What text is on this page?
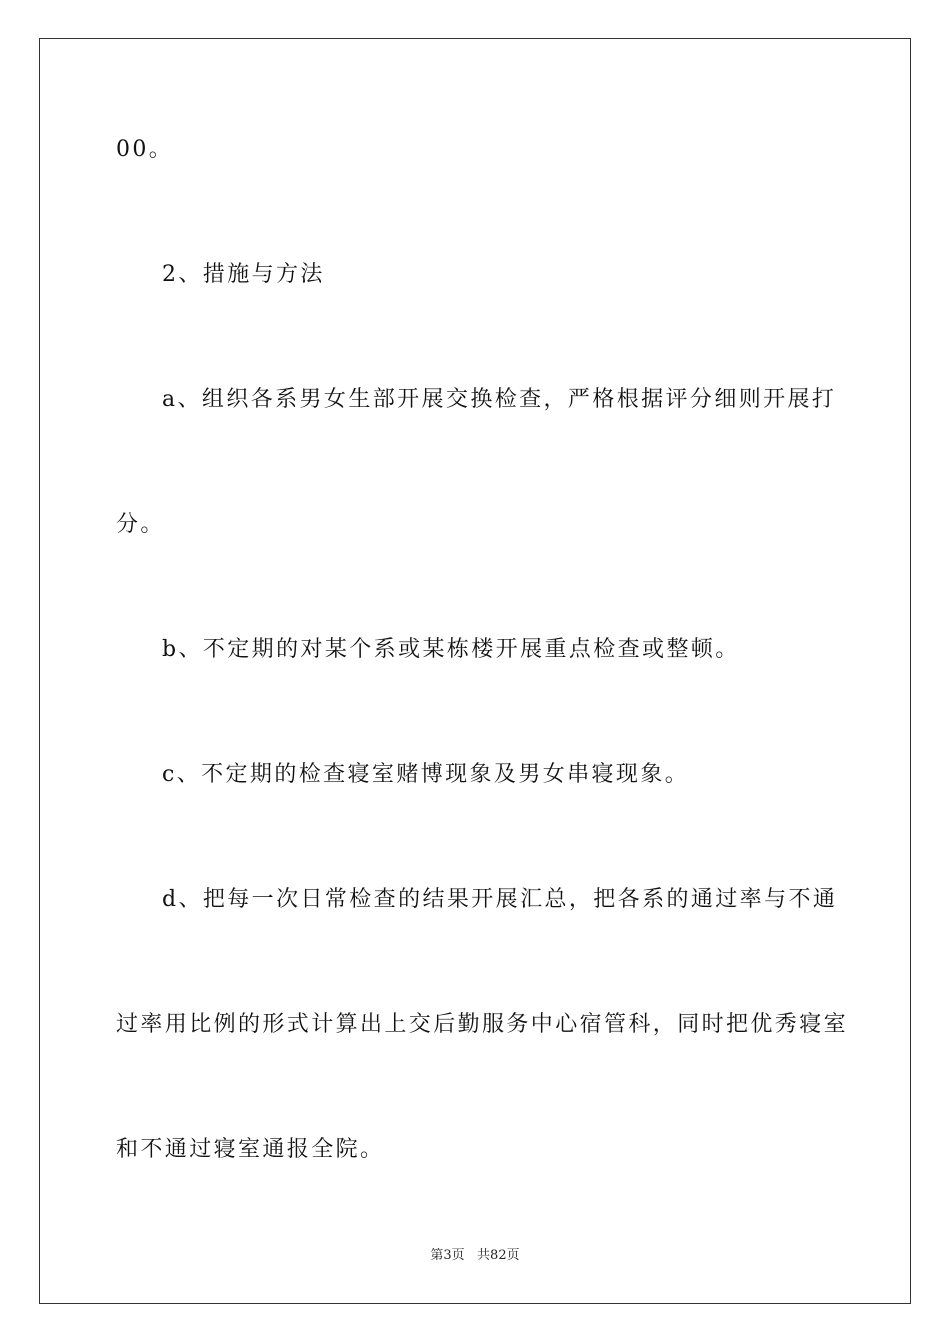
00。
2、措施与方法
a、组织各系男女生部开展交换检查，严格根据评分细则开展打
分。
b、不定期的对某个系或某栋楼开展重点检查或整顿。
c、不定期的检查寝室赌博现象及男女串寝现象。
d、把每一次日常检查的结果开展汇总，把各系的通过率与不通
过率用比例的形式计算出上交后勤服务中心宿管科，同时把优秀寝室
和不通过寝室通报全院。
第3页   共82页
